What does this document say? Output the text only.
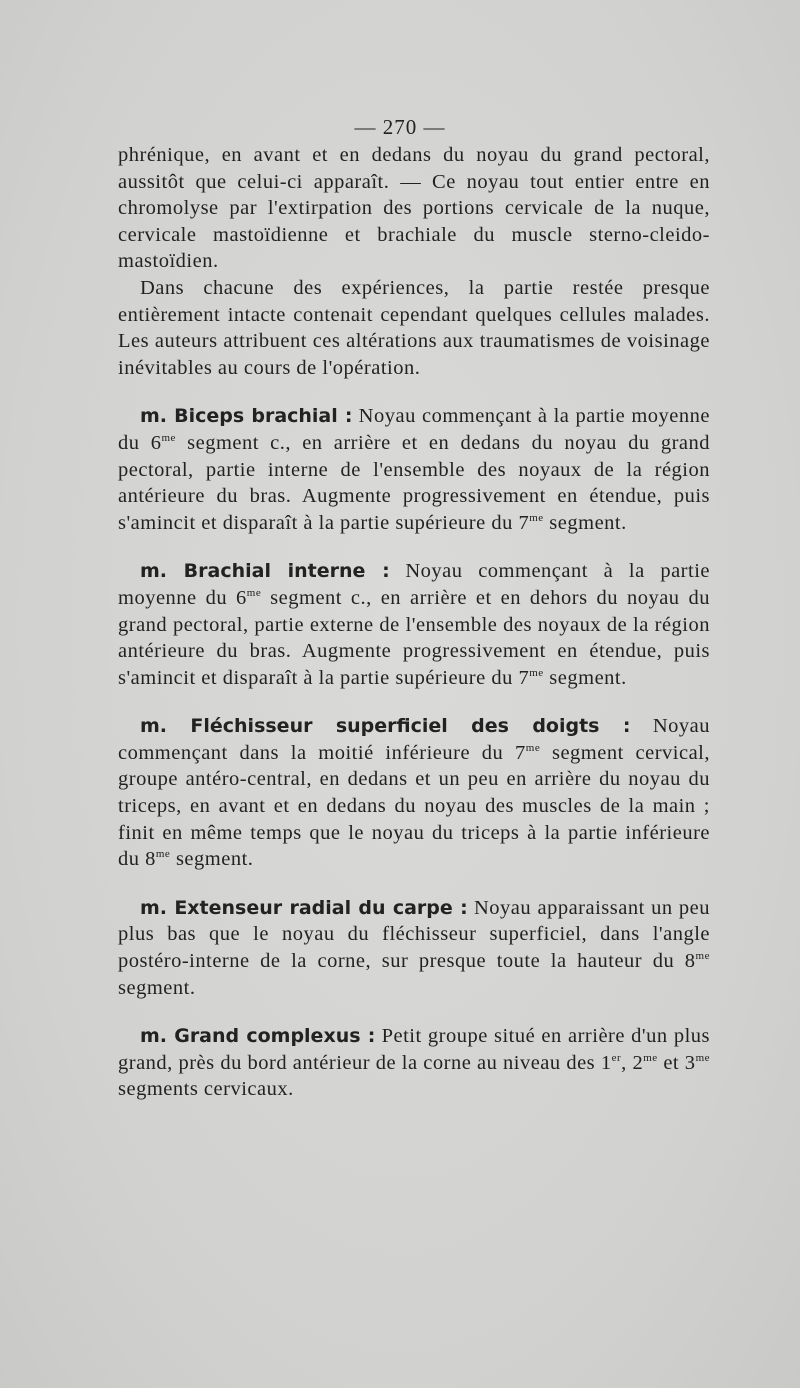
— 270 —

phrénique, en avant et en dedans du noyau du grand pectoral, aussitôt que celui-ci apparaît. — Ce noyau tout entier entre en chromolyse par l'extirpation des portions cervicale de la nuque, cervicale mastoïdienne et brachiale du muscle sterno-cleido-mastoïdien.

Dans chacune des expériences, la partie restée presque entièrement intacte contenait cependant quelques cellules malades. Les auteurs attribuent ces altérations aux traumatismes de voisinage inévitables au cours de l'opération.

m. Biceps brachial : Noyau commençant à la partie moyenne du $6^{me}$ segment c., en arrière et en dedans du noyau du grand pectoral, partie interne de l'ensemble des noyaux de la région antérieure du bras. Augmente progressivement en étendue, puis s'amincit et disparaît à la partie supérieure du $7^{me}$ segment.

m. Brachial interne : Noyau commençant à la partie moyenne du $6^{me}$ segment c., en arrière et en dehors du noyau du grand pectoral, partie externe de l'ensemble des noyaux de la région antérieure du bras. Augmente progressivement en étendue, puis s'amincit et disparaît à la partie supérieure du $7^{me}$ segment.

m. Fléchisseur superficiel des doigts : Noyau commençant dans la moitié inférieure du $7^{me}$ segment cervical, groupe antéro-central, en dedans et un peu en arrière du noyau du triceps, en avant et en dedans du noyau des muscles de la main ; finit en même temps que le noyau du triceps à la partie inférieure du $8^{me}$ segment.

m. Extenseur radial du carpe : Noyau apparaissant un peu plus bas que le noyau du fléchisseur superficiel, dans l'angle postéro-interne de la corne, sur presque toute la hauteur du $8^{me}$ segment.

m. Grand complexus : Petit groupe situé en arrière d'un plus grand, près du bord antérieur de la corne au niveau des 1er, $2^{me}$ et $3^{me}$ segments cervicaux.
